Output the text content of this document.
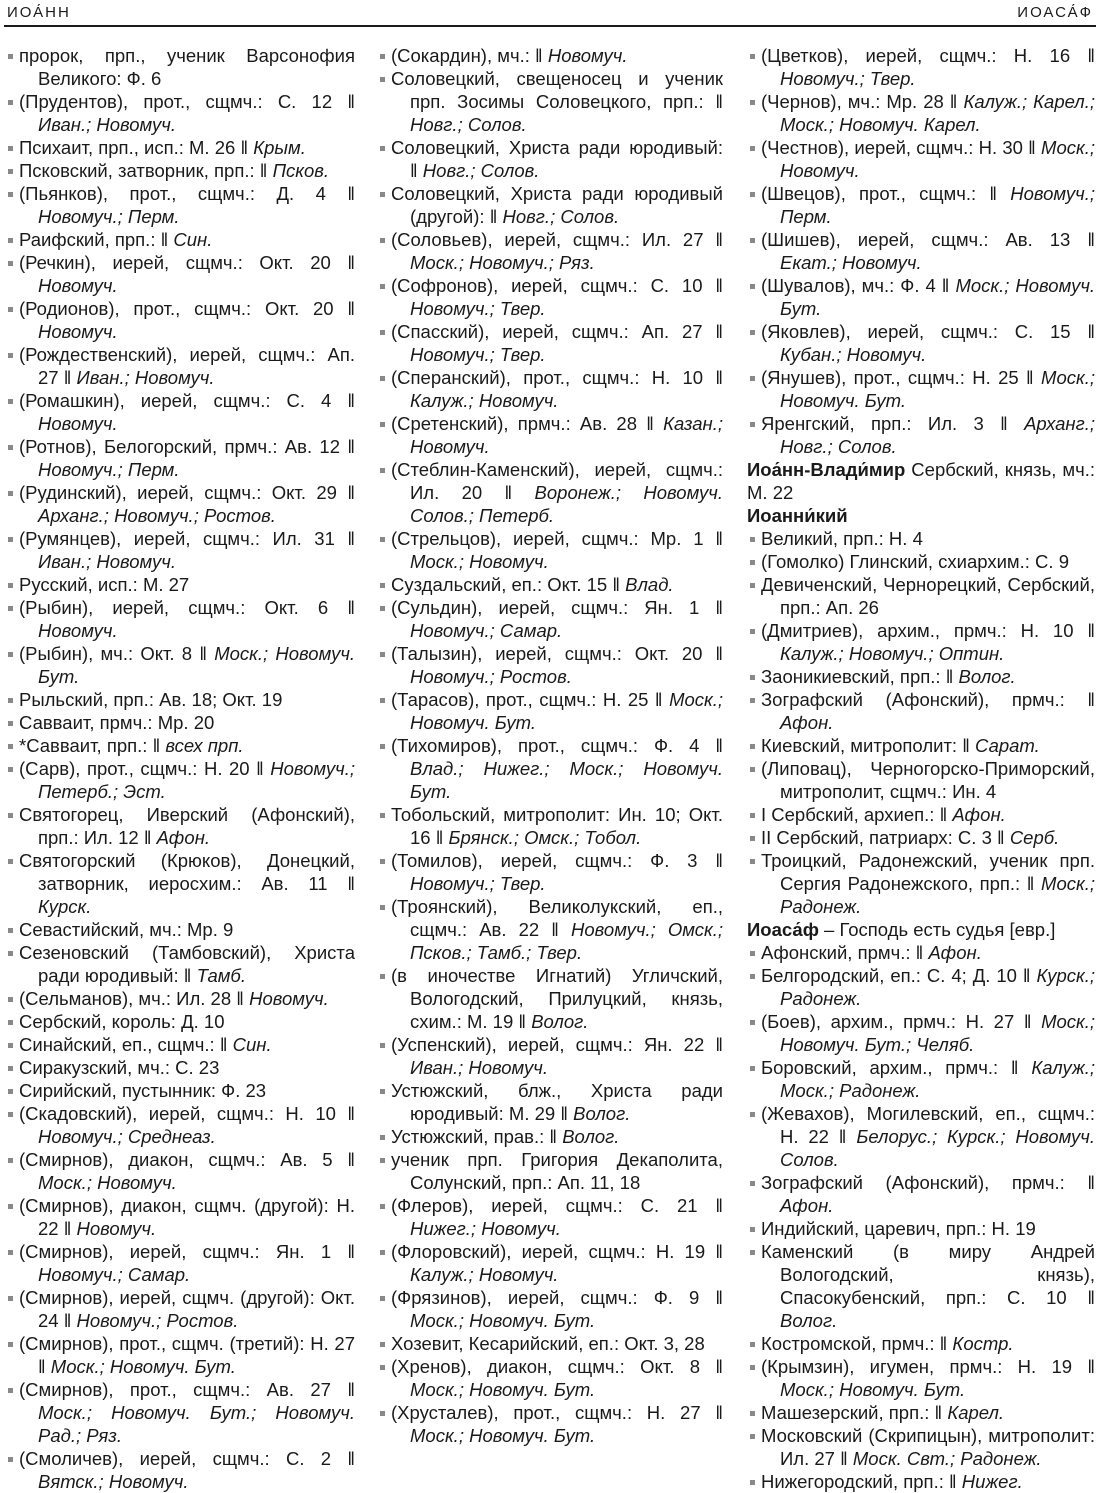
ИОА́НН	ИОАСА́Ф
пророк, прп., ученик Варсонофия Великого: Ф. 6
(Прудентов), прот., сщмч.: С. 12 ‖ Иван.; Новомуч.
Психаит, прп., исп.: М. 26 ‖ Крым.
Псковский, затворник, прп.: ‖ Псков.
(Пьянков), прот., сщмч.: Д. 4 ‖ Новомуч.; Перм.
Раифский, прп.: ‖ Син.
(Речкин), иерей, сщмч.: Окт. 20 ‖ Новомуч.
(Родионов), прот., сщмч.: Окт. 20 ‖ Новомуч.
(Рождественский), иерей, сщмч.: Ап. 27 ‖ Иван.; Новомуч.
(Ромашкин), иерей, сщмч.: С. 4 ‖ Новомуч.
(Ротнов), Белогорский, прмч.: Ав. 12 ‖ Новомуч.; Перм.
(Рудинский), иерей, сщмч.: Окт. 29 ‖ Арханг.; Новомуч.; Ростов.
(Румянцев), иерей, сщмч.: Ил. 31 ‖ Иван.; Новомуч.
Русский, исп.: М. 27
(Рыбин), иерей, сщмч.: Окт. 6 ‖ Новомуч.
(Рыбин), мч.: Окт. 8 ‖ Моск.; Новомуч. Бут.
Рыльский, прп.: Ав. 18; Окт. 19
Савваит, прмч.: Мр. 20
*Савваит, прп.: ‖ всех прп.
(Сарв), прот., сщмч.: Н. 20 ‖ Новомуч.; Петерб.; Эст.
Святогорец, Иверский (Афонский), прп.: Ил. 12 ‖ Афон.
Святогорский (Крюков), Донецкий, затворник, иеросхим.: Ав. 11 ‖ Курск.
Севастийский, мч.: Мр. 9
Сезеновский (Тамбовский), Христа ради юродивый: ‖ Тамб.
(Сельманов), мч.: Ил. 28 ‖ Новомуч.
Сербский, король: Д. 10
Синайский, еп., сщмч.: ‖ Син.
Сиракузский, мч.: С. 23
Сирийский, пустынник: Ф. 23
(Скадовский), иерей, сщмч.: Н. 10 ‖ Новомуч.; Среднеаз.
(Смирнов), диакон, сщмч.: Ав. 5 ‖ Моск.; Новомуч.
(Смирнов), диакон, сщмч. (другой): Н. 22 ‖ Новомуч.
(Смирнов), иерей, сщмч.: Ян. 1 ‖ Новомуч.; Самар.
(Смирнов), иерей, сщмч. (другой): Окт. 24 ‖ Новомуч.; Ростов.
(Смирнов), прот., сщмч. (третий): Н. 27 ‖ Моск.; Новомуч. Бут.
(Смирнов), прот., сщмч.: Ав. 27 ‖ Моск.; Новомуч. Бут.; Новомуч. Рад.; Ряз.
(Смоличев), иерей, сщмч.: С. 2 ‖ Вятск.; Новомуч.
(Сокардин), мч.: ‖ Новомуч.
Соловецкий, свещеносец и ученик прп. Зосимы Соловецкого, прп.: ‖ Новг.; Солов.
Соловецкий, Христа ради юродивый: ‖ Новг.; Солов.
Соловецкий, Христа ради юродивый (другой): ‖ Новг.; Солов.
(Соловьев), иерей, сщмч.: Ил. 27 ‖ Моск.; Новомуч.; Ряз.
(Софронов), иерей, сщмч.: С. 10 ‖ Новомуч.; Твер.
(Спасский), иерей, сщмч.: Ап. 27 ‖ Новомуч.; Твер.
(Сперанский), прот., сщмч.: Н. 10 ‖ Калуж.; Новомуч.
(Сретенский), прмч.: Ав. 28 ‖ Казан.; Новомуч.
(Стеблин-Каменский), иерей, сщмч.: Ил. 20 ‖	Воронеж.; Новомуч. Солов.; Петерб.
(Стрельцов), иерей, сщмч.: Мр. 1 ‖ Моск.; Новомуч.
Суздальский, еп.: Окт. 15 ‖ Влад.
(Сульдин), иерей, сщмч.: Ян. 1 ‖ Новомуч.; Самар.
(Талызин), иерей, сщмч.: Окт. 20 ‖ Новомуч.; Ростов.
(Тарасов), прот., сщмч.: Н. 25 ‖ Моск.; Новомуч. Бут.
(Тихомиров), прот., сщмч.: Ф. 4 ‖ Влад.; Нижег.; Моск.; Новомуч. Бут.
Тобольский, митрополит: Ин. 10; Окт. 16 ‖ Брянск.; Омск.; Тобол.
(Томилов), иерей, сщмч.: Ф. 3 ‖ Новомуч.; Твер.
(Троянский), Великолукский, еп., сщмч.: Ав. 22 ‖ Новомуч.; Омск.; Псков.; Тамб.; Твер.
(в иночестве Игнатий) Угличский, Вологодский, Прилуцкий, князь, схим.: М. 19 ‖ Волог.
(Успенский), иерей, сщмч.: Ян. 22 ‖ Иван.; Новомуч.
Устюжский, блж., Христа ради юродивый: М. 29 ‖ Волог.
Устюжский, прав.: ‖ Волог.
ученик прп. Григория Декаполита, Солунский, прп.: Ап. 11, 18
(Флеров), иерей, сщмч.: С. 21 ‖ Нижег.; Новомуч.
(Флоровский), иерей, сщмч.: Н. 19 ‖ Калуж.; Новомуч.
(Фрязинов), иерей, сщмч.: Ф. 9 ‖ Моск.; Новомуч. Бут.
Хозевит, Кесарийский, еп.: Окт. 3, 28
(Хренов), диакон, сщмч.: Окт. 8 ‖ Моск.; Новомуч. Бут.
(Хрусталев), прот., сщмч.: Н. 27 ‖ Моск.; Новомуч. Бут.
(Цветков), иерей, сщмч.: Н. 16 ‖ Новомуч.; Твер.
(Чернов), мч.: Мр. 28 ‖ Калуж.; Карел.; Моск.; Новомуч. Карел.
(Честнов), иерей, сщмч.: Н. 30 ‖ Моск.; Новомуч.
(Швецов), прот., сщмч.: ‖ Новомуч.; Перм.
(Шишев), иерей, сщмч.: Ав. 13 ‖ Екат.; Новомуч.
(Шувалов), мч.: Ф. 4 ‖ Моск.; Новомуч. Бут.
(Яковлев), иерей, сщмч.: С. 15 ‖ Кубан.; Новомуч.
(Янушев), прот., сщмч.: Н. 25 ‖ Моск.; Новомуч. Бут.
Яренгский, прп.: Ил. 3 ‖ Арханг.; Новг.; Солов.
Иоа́нн-Влади́мир Сербский, князь, мч.: М. 22
Иоанни́кий
Великий, прп.: Н. 4
(Гомолко) Глинский, схиархим.: С. 9
Девиченский, Чернорецкий, Сербский, прп.: Ап. 26
(Дмитриев), архим., прмч.: Н. 10 ‖ Калуж.; Новомуч.; Оптин.
Заоникиевский, прп.: ‖ Волог.
Зографский (Афонский), прмч.: ‖ Афон.
Киевский, митрополит: ‖ Сарат.
(Липовац), Черногорско-Приморский, митрополит, сщмч.: Ин. 4
I Сербский, архиеп.: ‖ Афон.
II Сербский, патриарх: С. 3 ‖ Серб.
Троицкий, Радонежский, ученик прп. Сергия Радонежского, прп.: ‖ Моск.; Радонеж.
Иоаса́ф – Господь есть судья [евр.]
Афонский, прмч.: ‖ Афон.
Белгородский, еп.: С. 4; Д. 10 ‖ Курск.; Радонеж.
(Боев), архим., прмч.: Н. 27 ‖ Моск.; Новомуч. Бут.; Челяб.
Боровский, архим., прмч.: ‖ Калуж.; Моск.; Радонеж.
(Жевахов), Могилевский, еп., сщмч.: Н. 22 ‖ Белорус.; Курск.; Новомуч. Солов.
Зографский (Афонский), прмч.: ‖ Афон.
Индийский, царевич, прп.: Н. 19
Каменский (в миру Андрей Вологодский, князь), Спасокубенский, прп.: С. 10 ‖ Волог.
Костромской, прмч.: ‖ Костр.
(Крымзин), игумен, прмч.: Н. 19 ‖ Моск.; Новомуч. Бут.
Машезерский, прп.: ‖ Карел.
Московский (Скрипицын), митрополит: Ил. 27 ‖ Моск. Свт.; Радонеж.
Нижегородский, прп.: ‖ Нижег.
